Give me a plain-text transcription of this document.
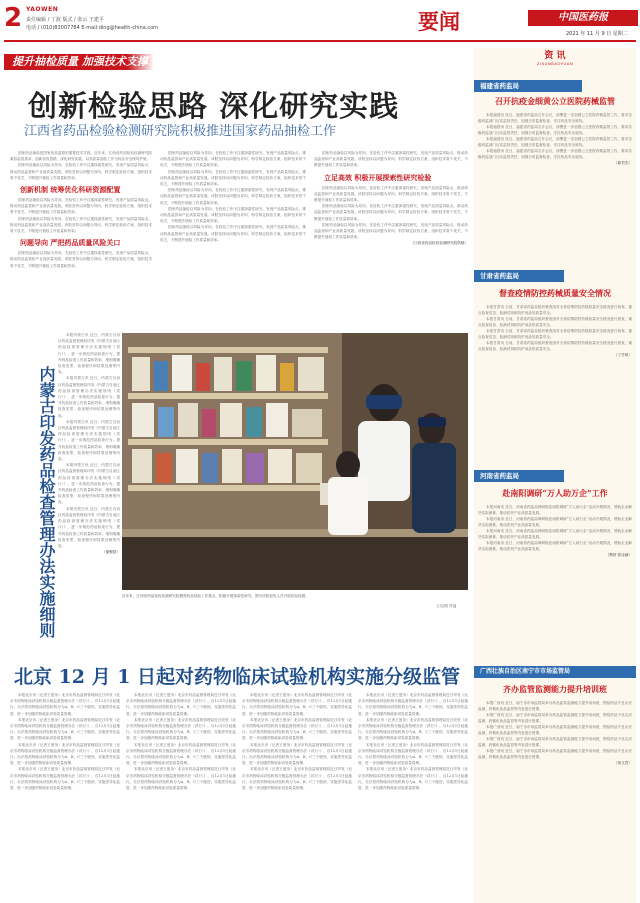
2 YAOWEN
责任编辑 / 丁波 版式 / 张云 王建平
电话 / (010)83007784 E-mail:ding@health-china.com	要闻	中国医药报
2021 年 11 月 9 日 星期二
提升抽检质量 加强技术支撑
创新检验思路 深化研究实践
江西省药品检验检测研究院积极推进国家药品抽检工作

国家药品抽检是国家药品监管的重要技术手段。近年来，江西省药品检验检测研究院紧扣监管需求，创新检验思路，深化研究实践，以高质量抽检工作为药品安全保驾护航。

国家药品抽检以风险为导向，在检验工作中注重探索性研究，发现产品质量风险点，推动药品监管和产业高质量发展。该院坚持以问题为导向，科学制定检验方案，组织技术骨干攻关，不断提升抽检工作质量和效率。

创新机制 统筹优化科研资源配置

国家药品抽检以风险为导向，在检验工作中注重探索性研究，发现产品质量风险点，推动药品监管和产业高质量发展。该院坚持以问题为导向，科学制定检验方案，组织技术骨干攻关，不断提升抽检工作质量和效率。

国家药品抽检以风险为导向，在检验工作中注重探索性研究，发现产品质量风险点，推动药品监管和产业高质量发展。该院坚持以问题为导向，科学制定检验方案，组织技术骨干攻关，不断提升抽检工作质量和效率。

问题导向 严把药品质量风险关口

国家药品抽检以风险为导向，在检验工作中注重探索性研究，发现产品质量风险点，推动药品监管和产业高质量发展。该院坚持以问题为导向，科学制定检验方案，组织技术骨干攻关，不断提升抽检工作质量和效率。

国家药品抽检以风险为导向，在检验工作中注重探索性研究，发现产品质量风险点，推动药品监管和产业高质量发展。该院坚持以问题为导向，科学制定检验方案，组织技术骨干攻关，不断提升抽检工作质量和效率。

国家药品抽检以风险为导向，在检验工作中注重探索性研究，发现产品质量风险点，推动药品监管和产业高质量发展。该院坚持以问题为导向，科学制定检验方案，组织技术骨干攻关，不断提升抽检工作质量和效率。

国家药品抽检以风险为导向，在检验工作中注重探索性研究，发现产品质量风险点，推动药品监管和产业高质量发展。该院坚持以问题为导向，科学制定检验方案，组织技术骨干攻关，不断提升抽检工作质量和效率。

国家药品抽检以风险为导向，在检验工作中注重探索性研究，发现产品质量风险点，推动药品监管和产业高质量发展。该院坚持以问题为导向，科学制定检验方案，组织技术骨干攻关，不断提升抽检工作质量和效率。

国家药品抽检以风险为导向，在检验工作中注重探索性研究，发现产品质量风险点，推动药品监管和产业高质量发展。该院坚持以问题为导向，科学制定检验方案，组织技术骨干攻关，不断提升抽检工作质量和效率。

国家药品抽检以风险为导向，在检验工作中注重探索性研究，发现产品质量风险点，推动药品监管和产业高质量发展。该院坚持以问题为导向，科学制定检验方案，组织技术骨干攻关，不断提升抽检工作质量和效率。

立足高效 积极开展探索性研究检验

国家药品抽检以风险为导向，在检验工作中注重探索性研究，发现产品质量风险点，推动药品监管和产业高质量发展。该院坚持以问题为导向，科学制定检验方案，组织技术骨干攻关，不断提升抽检工作质量和效率。

国家药品抽检以风险为导向，在检验工作中注重探索性研究，发现产品质量风险点，推动药品监管和产业高质量发展。该院坚持以问题为导向，科学制定检验方案，组织技术骨干攻关，不断提升抽检工作质量和效率。

国家药品抽检以风险为导向，在检验工作中注重探索性研究，发现产品质量风险点，推动药品监管和产业高质量发展。该院坚持以问题为导向，科学制定检验方案，组织技术骨干攻关，不断提升抽检工作质量和效率。

（江西省药品检验检测研究院供稿）

内蒙古印发药品检查管理办法实施细则

本报内蒙古讯 近日，内蒙古自治区药品监督管理局印发《内蒙古自治区药品检查管理办法实施细则（试行）》，进一步规范药品检查行为，提升药品检查工作质量和效率，细则明确检查类型、检查程序和结果处理等内容。

本报内蒙古讯 近日，内蒙古自治区药品监督管理局印发《内蒙古自治区药品检查管理办法实施细则（试行）》，进一步规范药品检查行为，提升药品检查工作质量和效率，细则明确检查类型、检查程序和结果处理等内容。

本报内蒙古讯 近日，内蒙古自治区药品监督管理局印发《内蒙古自治区药品检查管理办法实施细则（试行）》，进一步规范药品检查行为，提升药品检查工作质量和效率，细则明确检查类型、检查程序和结果处理等内容。

本报内蒙古讯 近日，内蒙古自治区药品监督管理局印发《内蒙古自治区药品检查管理办法实施细则（试行）》，进一步规范药品检查行为，提升药品检查工作质量和效率，细则明确检查类型、检查程序和结果处理等内容。

本报内蒙古讯 近日，内蒙古自治区药品监督管理局印发《内蒙古自治区药品检查管理办法实施细则（试行）》，进一步规范药品检查行为，提升药品检查工作质量和效率，细则明确检查类型、检查程序和结果处理等内容。

（谢聚群）

近年来，江西省药品检验检测研究院聚焦药品抽检工作重点，积极开展探索性研究。图为该院检验人员开展药品检测。
文名/图 苏福
北京 12 月 1 日起对药物临床试验机构实施分级监管

本报北京讯（记者王莲朵）北京市药品监督管理局近日印发《北京市药物临床试验机构分级监督管理办法（试行）》，自12月1日起施行。办法将药物临床试验机构分为A、B、C三个级别，实施差异化监管，进一步加强药物临床试验质量管理。

本报北京讯（记者王莲朵）北京市药品监督管理局近日印发《北京市药物临床试验机构分级监督管理办法（试行）》，自12月1日起施行。办法将药物临床试验机构分为A、B、C三个级别，实施差异化监管，进一步加强药物临床试验质量管理。

本报北京讯（记者王莲朵）北京市药品监督管理局近日印发《北京市药物临床试验机构分级监督管理办法（试行）》，自12月1日起施行。办法将药物临床试验机构分为A、B、C三个级别，实施差异化监管，进一步加强药物临床试验质量管理。

本报北京讯（记者王莲朵）北京市药品监督管理局近日印发《北京市药物临床试验机构分级监督管理办法（试行）》，自12月1日起施行。办法将药物临床试验机构分为A、B、C三个级别，实施差异化监管，进一步加强药物临床试验质量管理。

本报北京讯（记者王莲朵）北京市药品监督管理局近日印发《北京市药物临床试验机构分级监督管理办法（试行）》，自12月1日起施行。办法将药物临床试验机构分为A、B、C三个级别，实施差异化监管，进一步加强药物临床试验质量管理。

本报北京讯（记者王莲朵）北京市药品监督管理局近日印发《北京市药物临床试验机构分级监督管理办法（试行）》，自12月1日起施行。办法将药物临床试验机构分为A、B、C三个级别，实施差异化监管，进一步加强药物临床试验质量管理。

本报北京讯（记者王莲朵）北京市药品监督管理局近日印发《北京市药物临床试验机构分级监督管理办法（试行）》，自12月1日起施行。办法将药物临床试验机构分为A、B、C三个级别，实施差异化监管，进一步加强药物临床试验质量管理。

本报北京讯（记者王莲朵）北京市药品监督管理局近日印发《北京市药物临床试验机构分级监督管理办法（试行）》，自12月1日起施行。办法将药物临床试验机构分为A、B、C三个级别，实施差异化监管，进一步加强药物临床试验质量管理。

本报北京讯（记者王莲朵）北京市药品监督管理局近日印发《北京市药物临床试验机构分级监督管理办法（试行）》，自12月1日起施行。办法将药物临床试验机构分为A、B、C三个级别，实施差异化监管，进一步加强药物临床试验质量管理。

本报北京讯（记者王莲朵）北京市药品监督管理局近日印发《北京市药物临床试验机构分级监督管理办法（试行）》，自12月1日起施行。办法将药物临床试验机构分为A、B、C三个级别，实施差异化监管，进一步加强药物临床试验质量管理。

本报北京讯（记者王莲朵）北京市药品监督管理局近日印发《北京市药物临床试验机构分级监督管理办法（试行）》，自12月1日起施行。办法将药物临床试验机构分为A、B、C三个级别，实施差异化监管，进一步加强药物临床试验质量管理。

本报北京讯（记者王莲朵）北京市药品监督管理局近日印发《北京市药物临床试验机构分级监督管理办法（试行）》，自12月1日起施行。办法将药物临床试验机构分为A、B、C三个级别，实施差异化监管，进一步加强药物临床试验质量管理。

本报北京讯（记者王莲朵）北京市药品监督管理局近日印发《北京市药物临床试验机构分级监督管理办法（试行）》，自12月1日起施行。办法将药物临床试验机构分为A、B、C三个级别，实施差异化监管，进一步加强药物临床试验质量管理。

本报北京讯（记者王莲朵）北京市药品监督管理局近日印发《北京市药物临床试验机构分级监督管理办法（试行）》，自12月1日起施行。办法将药物临床试验机构分为A、B、C三个级别，实施差异化监管，进一步加强药物临床试验质量管理。

本报北京讯（记者王莲朵）北京市药品监督管理局近日印发《北京市药物临床试验机构分级监督管理办法（试行）》，自12月1日起施行。办法将药物临床试验机构分为A、B、C三个级别，实施差异化监管，进一步加强药物临床试验质量管理。

本报北京讯（记者王莲朵）北京市药品监督管理局近日印发《北京市药物临床试验机构分级监督管理办法（试行）》，自12月1日起施行。办法将药物临床试验机构分为A、B、C三个级别，实施差异化监管，进一步加强药物临床试验质量管理。

资 讯
ZIXUNBAOYUAN
福建省药监局
召开抗疫金细黄公立医院药械监管

本报福建讯 近日，福建省药监局召开会议，部署进一步加强公立医院药械监管工作，要求各级药监部门压实监管责任，加强日常监督检查，守住药品安全底线。

本报福建讯 近日，福建省药监局召开会议，部署进一步加强公立医院药械监管工作，要求各级药监部门压实监管责任，加强日常监督检查，守住药品安全底线。

本报福建讯 近日，福建省药监局召开会议，部署进一步加强公立医院药械监管工作，要求各级药监部门压实监管责任，加强日常监督检查，守住药品安全底线。

本报福建讯 近日，福建省药监局召开会议，部署进一步加强公立医院药械监管工作，要求各级药监部门压实监管责任，加强日常监督检查，守住药品安全底线。

（陈君杰）

甘肃省药监局
督查疫情防控药械质量安全情况

本报甘肃讯 日前，甘肃省药监局组织督查组对全省疫情防控药械质量安全情况进行督查，重点检查疫苗、检测试剂和防护用品的质量安全。

本报甘肃讯 日前，甘肃省药监局组织督查组对全省疫情防控药械质量安全情况进行督查，重点检查疫苗、检测试剂和防护用品的质量安全。

本报甘肃讯 日前，甘肃省药监局组织督查组对全省疫情防控药械质量安全情况进行督查，重点检查疫苗、检测试剂和防护用品的质量安全。

本报甘肃讯 日前，甘肃省药监局组织督查组对全省疫情防控药械质量安全情况进行督查，重点检查疫苗、检测试剂和防护用品的质量安全。

（丁竹琪）

河南省药监局
赴南阳调研“万人助万企”工作

本报河南讯 近日，河南省药监局调研组赴南阳调研“万人助万企”活动开展情况，帮助企业解决实际困难，推动医药产业高质量发展。

本报河南讯 近日，河南省药监局调研组赴南阳调研“万人助万企”活动开展情况，帮助企业解决实际困难，推动医药产业高质量发展。

本报河南讯 近日，河南省药监局调研组赴南阳调研“万人助万企”活动开展情况，帮助企业解决实际困难，推动医药产业高质量发展。

本报河南讯 近日，河南省药监局调研组赴南阳调研“万人助万企”活动开展情况，帮助企业解决实际困难，推动医药产业高质量发展。

（樊婷 张诗涵）

广西壮族自治区南宁市市场监管局
齐办监管监测能力提升培训班

本报广西讯 近日，南宁市市场监管局举办药品监管监测能力提升培训班，围绕药品不良反应监测、药械化妆品监管等内容进行授课。

本报广西讯 近日，南宁市市场监管局举办药品监管监测能力提升培训班，围绕药品不良反应监测、药械化妆品监管等内容进行授课。

本报广西讯 近日，南宁市市场监管局举办药品监管监测能力提升培训班，围绕药品不良反应监测、药械化妆品监管等内容进行授课。

本报广西讯 近日，南宁市市场监管局举办药品监管监测能力提升培训班，围绕药品不良反应监测、药械化妆品监管等内容进行授课。

本报广西讯 近日，南宁市市场监管局举办药品监管监测能力提升培训班，围绕药品不良反应监测、药械化妆品监管等内容进行授课。

（何文君）
